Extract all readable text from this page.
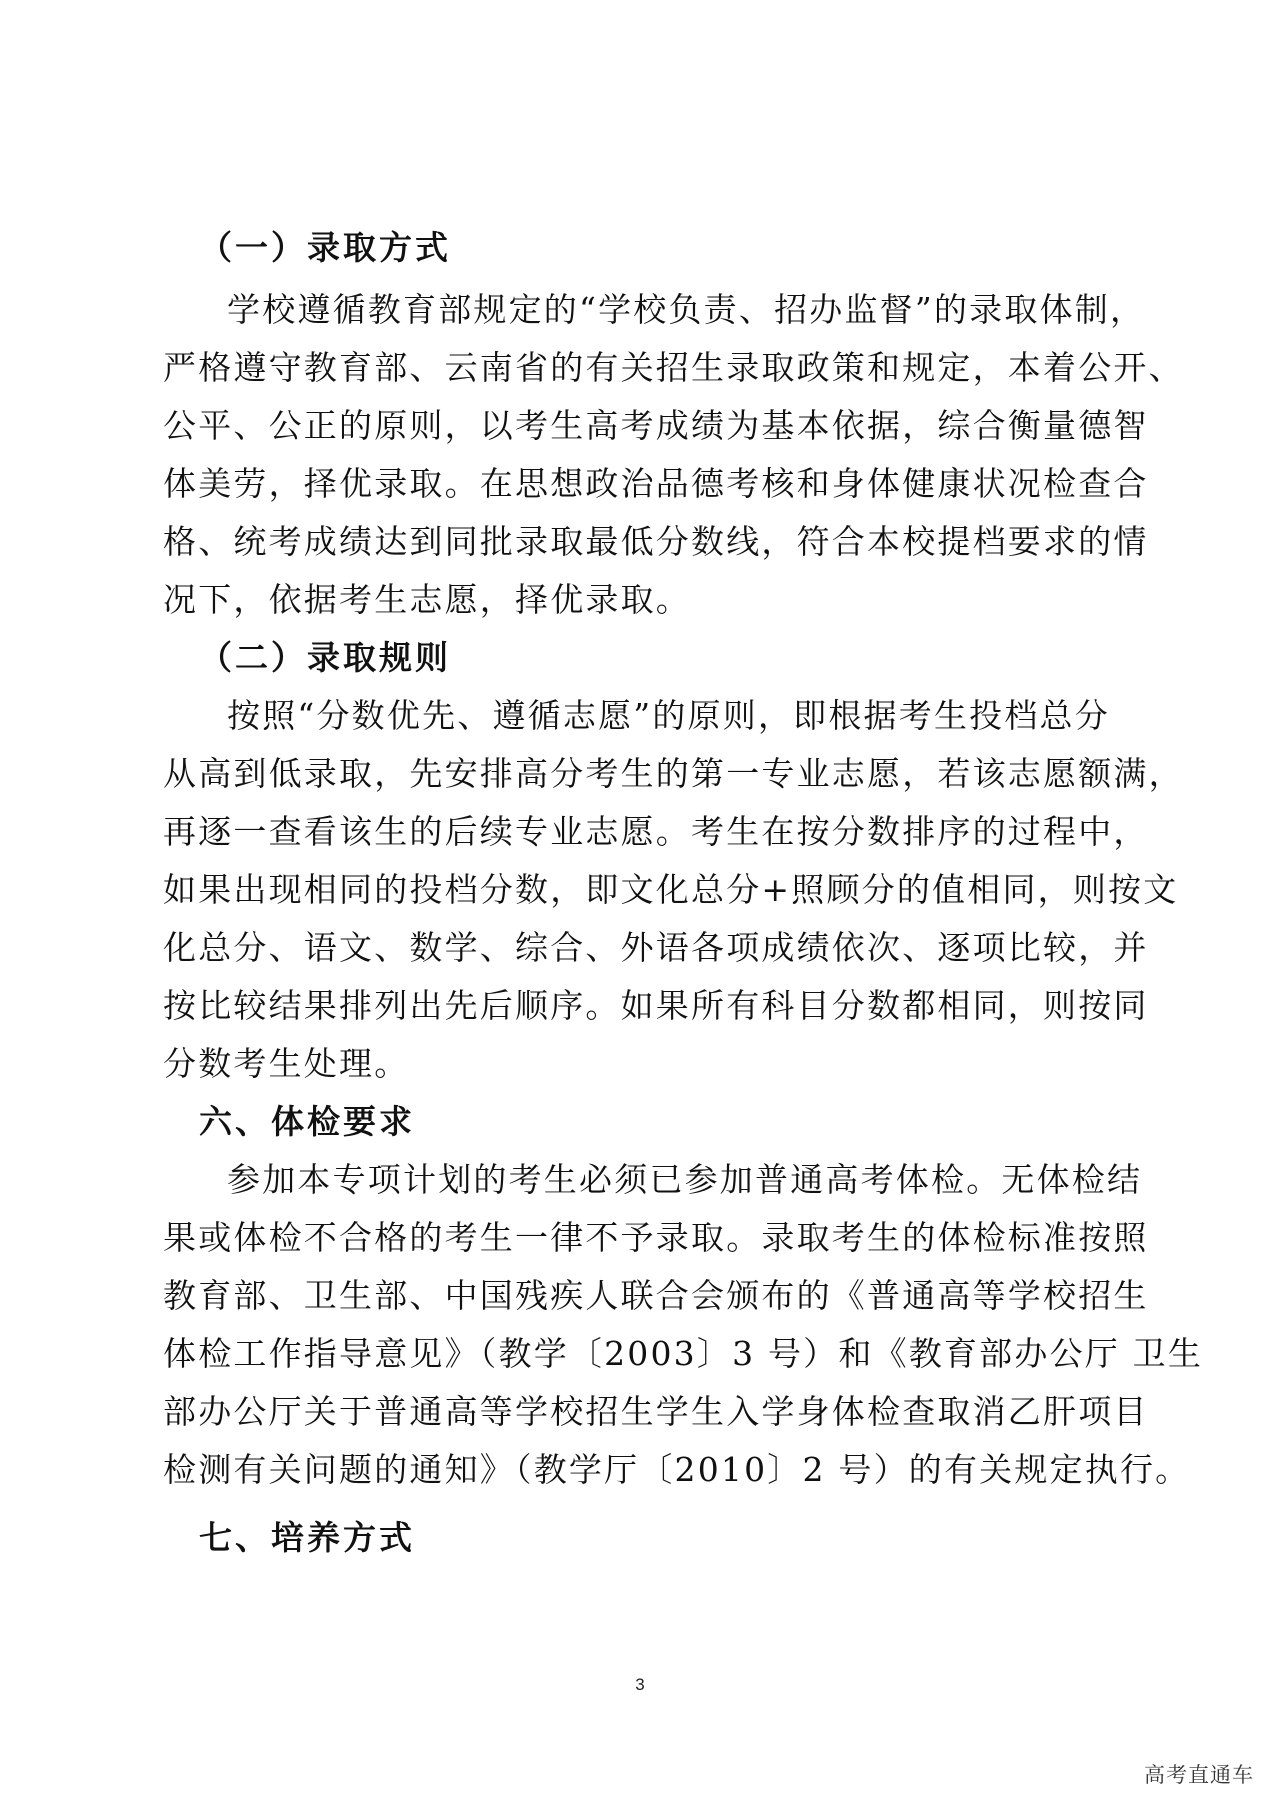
（一）录取方式
学校遵循教育部规定的“学校负责、招办监督”的录取体制，
严格遵守教育部、云南省的有关招生录取政策和规定，本着公开、
公平、公正的原则，以考生高考成绩为基本依据，综合衡量德智
体美劳，择优录取。在思想政治品德考核和身体健康状况检查合
格、统考成绩达到同批录取最低分数线，符合本校提档要求的情
况下，依据考生志愿，择优录取。
（二）录取规则
按照“分数优先、遵循志愿”的原则，即根据考生投档总分
从高到低录取，先安排高分考生的第一专业志愿，若该志愿额满，
再逐一查看该生的后续专业志愿。考生在按分数排序的过程中，
如果出现相同的投档分数，即文化总分+照顾分的值相同，则按文
化总分、语文、数学、综合、外语各项成绩依次、逐项比较，并
按比较结果排列出先后顺序。如果所有科目分数都相同，则按同
分数考生处理。
六、体检要求
参加本专项计划的考生必须已参加普通高考体检。无体检结
果或体检不合格的考生一律不予录取。录取考生的体检标准按照
教育部、卫生部、中国残疾人联合会颁布的《普通高等学校招生
体检工作指导意见》（教学〔2003〕3 号）和《教育部办公厅 卫生
部办公厅关于普通高等学校招生学生入学身体检查取消乙肝项目
检测有关问题的通知》（教学厅〔2010〕2 号）的有关规定执行。
七、培养方式
3
高考直通车
